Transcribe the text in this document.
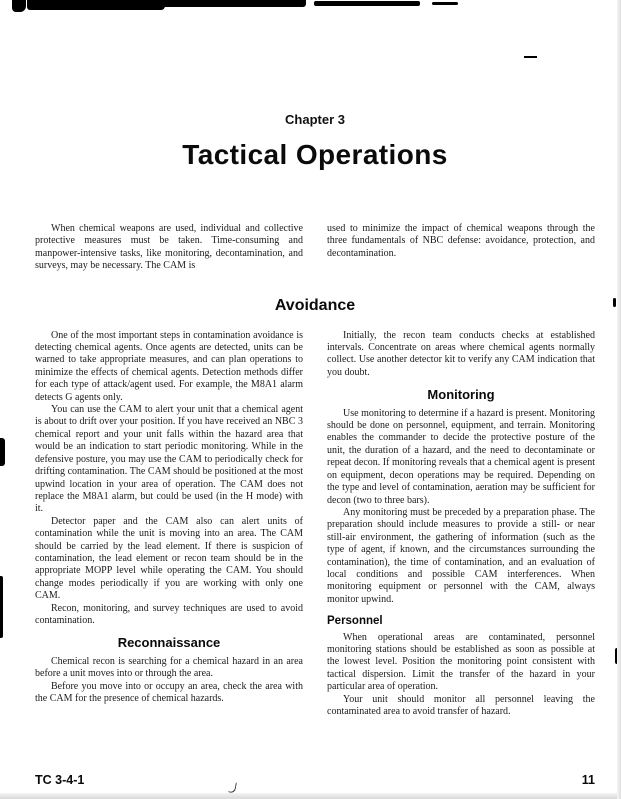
Chapter 3
Tactical Operations

When chemical weapons are used, individual and collective protective measures must be taken. Time-consuming and manpower-intensive tasks, like monitoring, decontamination, and surveys, may be necessary. The CAM is

used to minimize the impact of chemical weapons through the three fundamentals of NBC defense: avoidance, protection, and decontamination.

Avoidance

One of the most important steps in contamination avoidance is detecting chemical agents. Once agents are detected, units can be warned to take appropriate measures, and can plan operations to minimize the effects of chemical agents. Detection methods differ for each type of attack/agent used. For example, the M8A1 alarm detects G agents only.

You can use the CAM to alert your unit that a chemical agent is about to drift over your position. If you have received an NBC 3 chemical report and your unit falls within the hazard area that would be an indication to start periodic monitoring. While in the defensive posture, you may use the CAM to periodically check for drifting contamination. The CAM should be positioned at the most upwind location in your area of operation. The CAM does not replace the M8A1 alarm, but could be used (in the H mode) with it.

Detector paper and the CAM also can alert units of contamination while the unit is moving into an area. The CAM should be carried by the lead element. If there is suspicion of contamination, the lead element or recon team should be in the appropriate MOPP level while operating the CAM. You should change modes periodically if you are working with only one CAM.

Recon, monitoring, and survey techniques are used to avoid contamination.

Reconnaissance

Chemical recon is searching for a chemical hazard in an area before a unit moves into or through the area.

Before you move into or occupy an area, check the area with the CAM for the presence of chemical hazards.

Initially, the recon team conducts checks at established intervals. Concentrate on areas where chemical agents normally collect. Use another detector kit to verify any CAM indication that you doubt.

Monitoring

Use monitoring to determine if a hazard is present. Monitoring should be done on personnel, equipment, and terrain. Monitoring enables the commander to decide the protective posture of the unit, the duration of a hazard, and the need to decontaminate or repeat decon. If monitoring reveals that a chemical agent is present on equipment, decon operations may be required. Depending on the type and level of contamination, aeration may be sufficient for decon (two to three bars).

Any monitoring must be preceded by a preparation phase. The preparation should include measures to provide a still- or near still-air environment, the gathering of information (such as the type of agent, if known, and the circumstances surrounding the contamination), the time of contamination, and an evaluation of local conditions and possible CAM interferences. When monitoring equipment or personnel with the CAM, always monitor upwind.

Personnel

When operational areas are contaminated, personnel monitoring stations should be established as soon as possible at the lowest level. Position the monitoring point consistent with tactical dispersion. Limit the transfer of the hazard in your particular area of operation.

Your unit should monitor all personnel leaving the contaminated area to avoid transfer of hazard.

TC 3-4-1	11
